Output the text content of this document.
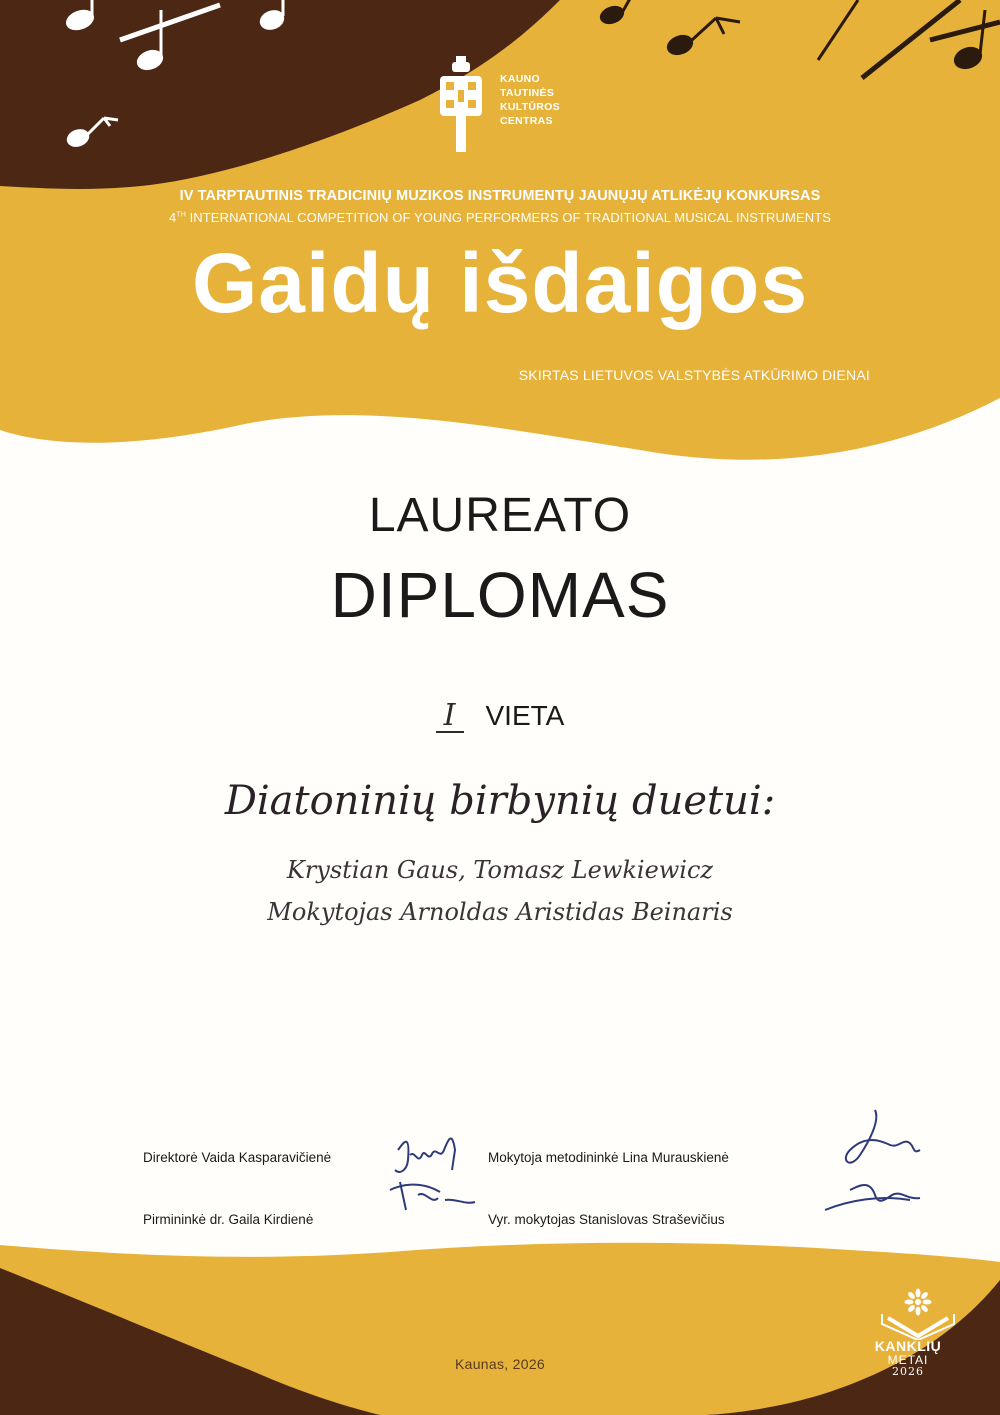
KAUNO
TAUTINĖS
KULTŪROS
CENTRAS
IV TARPTAUTINIS TRADICINIŲ MUZIKOS INSTRUMENTŲ JAUNŲJŲ ATLIKĖJŲ KONKURSAS
4TH INTERNATIONAL COMPETITION OF YOUNG PERFORMERS OF TRADITIONAL MUSICAL INSTRUMENTS
Gaidų išdaigos
SKIRTAS LIETUVOS VALSTYBĖS ATKŪRIMO DIENAI
LAUREATO
DIPLOMAS
I VIETA
Diatoninių birbynių duetui:
Krystian Gaus, Tomasz Lewkiewicz
Mokytojas Arnoldas Aristidas Beinaris
Direktorė Vaida Kasparavičienė
Pirmininkė dr. Gaila Kirdienė
Mokytoja metodininkė Lina Murauskienė
Vyr. mokytojas Stanislovas Straševičius
Kaunas, 2026
KANKLIŲ
METAI
2026
